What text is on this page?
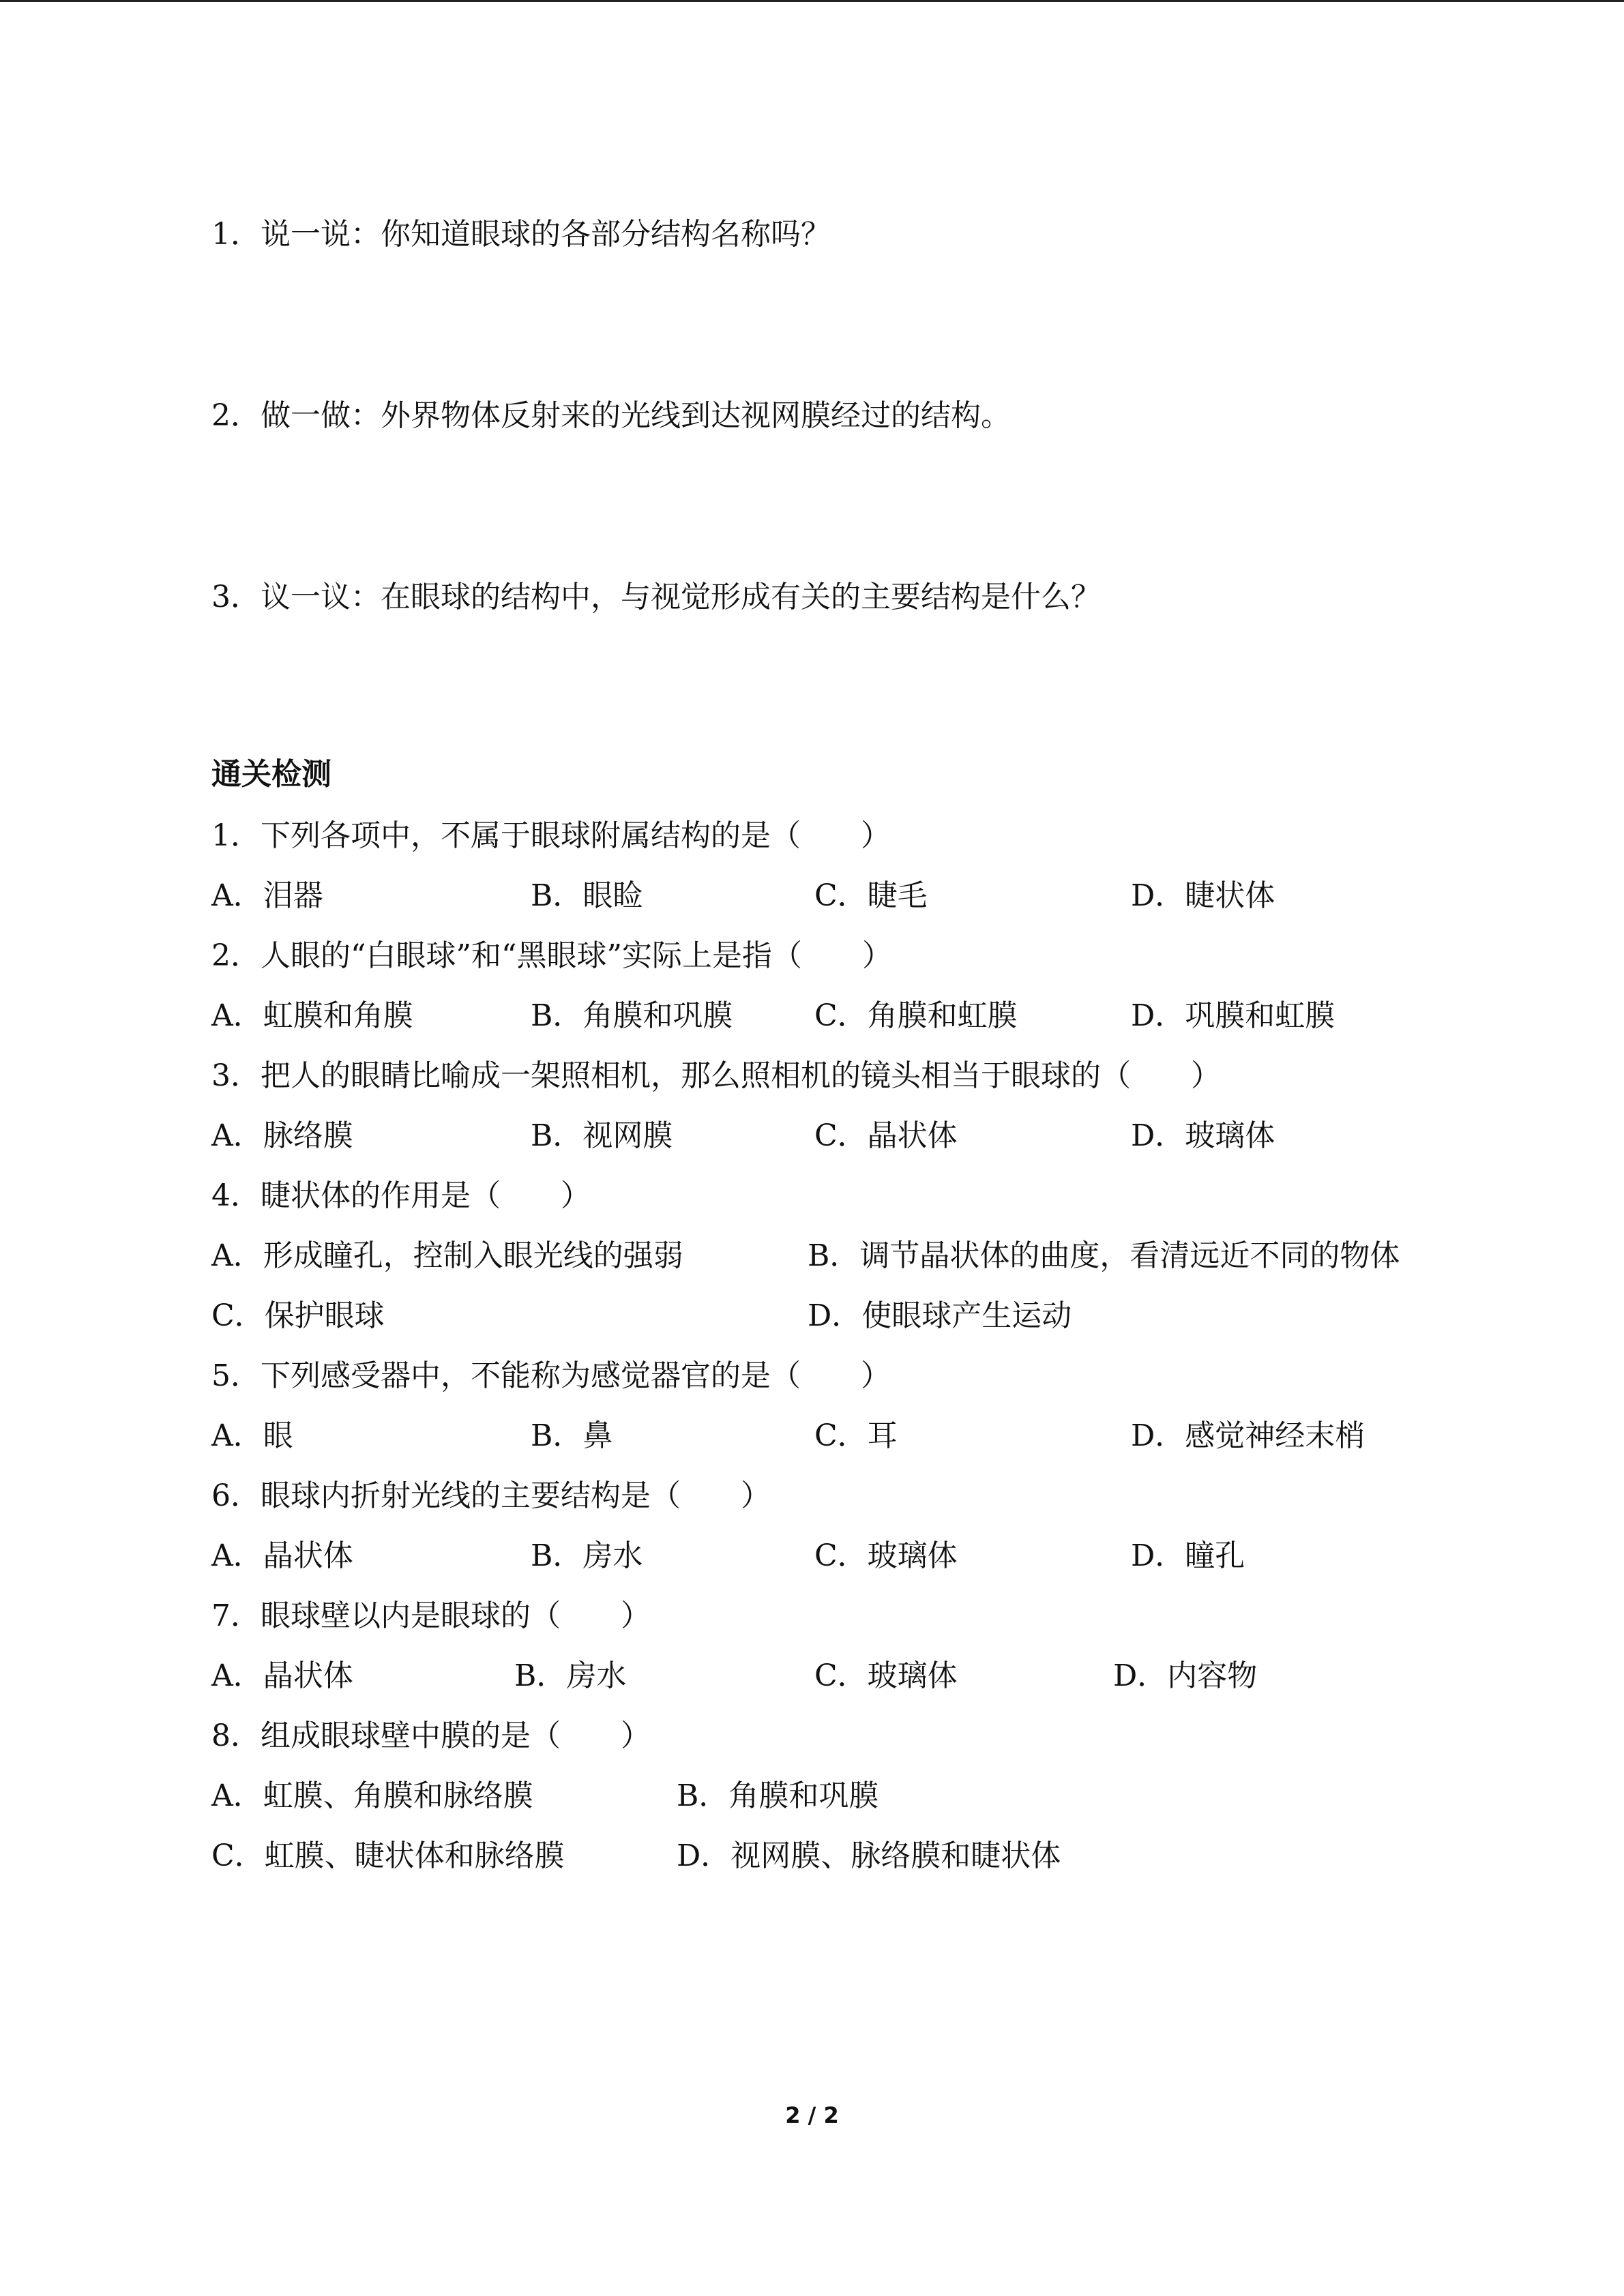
1．说一说：你知道眼球的各部分结构名称吗？
2．做一做：外界物体反射来的光线到达视网膜经过的结构。
3．议一议：在眼球的结构中，与视觉形成有关的主要结构是什么？
通关检测
1．下列各项中，不属于眼球附属结构的是（　　）
A．泪器	B．眼睑	C．睫毛	D．睫状体
2．人眼的“白眼球”和“黑眼球”实际上是指（　　）
A．虹膜和角膜	B．角膜和巩膜	C．角膜和虹膜	D．巩膜和虹膜
3．把人的眼睛比喻成一架照相机，那么照相机的镜头相当于眼球的（　　）
A．脉络膜	B．视网膜	C．晶状体	D．玻璃体
4．睫状体的作用是（　　）
A．形成瞳孔，控制入眼光线的强弱	B．调节晶状体的曲度，看清远近不同的物体
C．保护眼球	D．使眼球产生运动
5．下列感受器中，不能称为感觉器官的是（　　）
A．眼	B．鼻	C．耳	D．感觉神经末梢
6．眼球内折射光线的主要结构是（　　）
A．晶状体	B．房水	C．玻璃体	D．瞳孔
7．眼球壁以内是眼球的（　　）
A．晶状体	B．房水	C．玻璃体	D．内容物
8．组成眼球壁中膜的是（　　）
A．虹膜、角膜和脉络膜	B．角膜和巩膜
C．虹膜、睫状体和脉络膜	D．视网膜、脉络膜和睫状体
2 / 2
